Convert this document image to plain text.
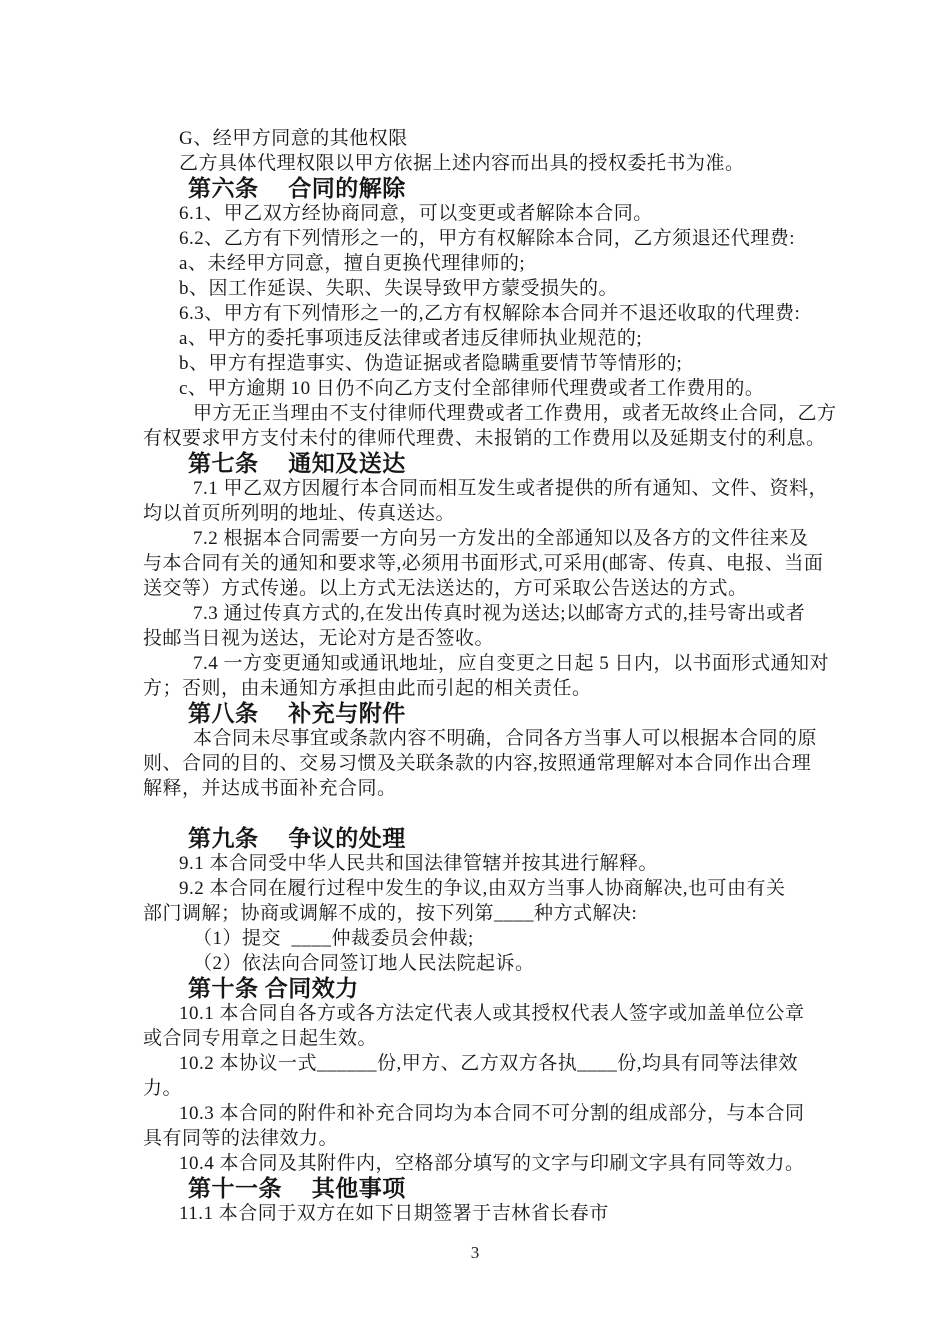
G、经甲方同意的其他权限
乙方具体代理权限以甲方依据上述内容而出具的授权委托书为准。
第六条　 合同的解除
6.1、甲乙双方经协商同意，可以变更或者解除本合同。
6.2、乙方有下列情形之一的，甲方有权解除本合同，乙方须退还代理费:
a、未经甲方同意，擅自更换代理律师的;
b、因工作延误、失职、失误导致甲方蒙受损失的。
6.3、甲方有下列情形之一的,乙方有权解除本合同并不退还收取的代理费:
a、甲方的委托事项违反法律或者违反律师执业规范的;
b、甲方有捏造事实、伪造证据或者隐瞒重要情节等情形的;
c、甲方逾期 10 日仍不向乙方支付全部律师代理费或者工作费用的。
甲方无正当理由不支付律师代理费或者工作费用，或者无故终止合同，乙方
有权要求甲方支付未付的律师代理费、未报销的工作费用以及延期支付的利息。
第七条　 通知及送达
7.1 甲乙双方因履行本合同而相互发生或者提供的所有通知、文件、资料，
均以首页所列明的地址、传真送达。
7.2 根据本合同需要一方向另一方发出的全部通知以及各方的文件往来及
与本合同有关的通知和要求等,必须用书面形式,可采用(邮寄、传真、电报、当面
送交等）方式传递。以上方式无法送达的，方可采取公告送达的方式。
7.3 通过传真方式的,在发出传真时视为送达;以邮寄方式的,挂号寄出或者
投邮当日视为送达，无论对方是否签收。
7.4 一方变更通知或通讯地址，应自变更之日起 5 日内，以书面形式通知对
方；否则，由未通知方承担由此而引起的相关责任。
第八条　 补充与附件
本合同未尽事宜或条款内容不明确，合同各方当事人可以根据本合同的原
则、合同的目的、交易习惯及关联条款的内容,按照通常理解对本合同作出合理
解释，并达成书面补充合同。
第九条　 争议的处理
9.1 本合同受中华人民共和国法律管辖并按其进行解释。
9.2 本合同在履行过程中发生的争议,由双方当事人协商解决,也可由有关
部门调解；协商或调解不成的，按下列第____种方式解决:
（1）提交  ____仲裁委员会仲裁;
（2）依法向合同签订地人民法院起诉。
第十条 合同效力
10.1 本合同自各方或各方法定代表人或其授权代表人签字或加盖单位公章
或合同专用章之日起生效。
10.2 本协议一式______份,甲方、乙方双方各执____份,均具有同等法律效
力。
10.3 本合同的附件和补充合同均为本合同不可分割的组成部分，与本合同
具有同等的法律效力。
10.4 本合同及其附件内，空格部分填写的文字与印刷文字具有同等效力。
第十一条　 其他事项
11.1 本合同于双方在如下日期签署于吉林省长春市
3
